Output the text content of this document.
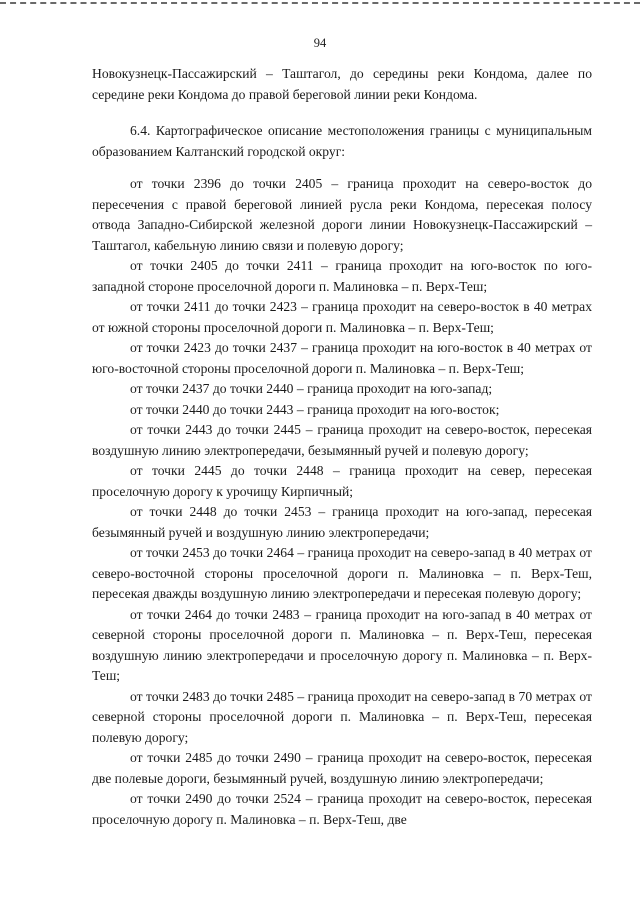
94

Новокузнецк-Пассажирский – Таштагол, до середины реки Кондома, далее по середине реки Кондома до правой береговой линии реки Кондома.

6.4. Картографическое описание местоположения границы с муниципальным образованием Калтанский городской округ:

от точки 2396 до точки 2405 – граница проходит на северо-восток до пересечения с правой береговой линией русла реки Кондома, пересекая полосу отвода Западно-Сибирской железной дороги линии Новокузнецк-Пассажирский – Таштагол, кабельную линию связи и полевую дорогу;

от точки 2405 до точки 2411 – граница проходит на юго-восток по юго-западной стороне проселочной дороги п. Малиновка – п. Верх-Теш;

от точки 2411 до точки 2423 – граница проходит на северо-восток в 40 метрах от южной стороны проселочной дороги п. Малиновка – п. Верх-Теш;

от точки 2423 до точки 2437 – граница проходит на юго-восток в 40 метрах от юго-восточной стороны проселочной дороги п. Малиновка – п. Верх-Теш;

от точки 2437 до точки 2440 – граница проходит на юго-запад;

от точки 2440 до точки 2443 – граница проходит на юго-восток;

от точки 2443 до точки 2445 – граница проходит на северо-восток, пересекая воздушную линию электропередачи, безымянный ручей и полевую дорогу;

от точки 2445 до точки 2448 – граница проходит на север, пересекая проселочную дорогу к урочищу Кирпичный;

от точки 2448 до точки 2453 – граница проходит на юго-запад, пересекая безымянный ручей и воздушную линию электропередачи;

от точки 2453 до точки 2464 – граница проходит на северо-запад в 40 метрах от северо-восточной стороны проселочной дороги п. Малиновка – п. Верх-Теш, пересекая дважды воздушную линию электропередачи и пересекая полевую дорогу;

от точки 2464 до точки 2483 – граница проходит на юго-запад в 40 метрах от северной стороны проселочной дороги п. Малиновка – п. Верх-Теш, пересекая воздушную линию электропередачи и проселочную дорогу п. Малиновка – п. Верх-Теш;

от точки 2483 до точки 2485 – граница проходит на северо-запад в 70 метрах от северной стороны проселочной дороги п. Малиновка – п. Верх-Теш, пересекая полевую дорогу;

от точки 2485 до точки 2490 – граница проходит на северо-восток, пересекая две полевые дороги, безымянный ручей, воздушную линию электропередачи;

от точки 2490 до точки 2524 – граница проходит на северо-восток, пересекая проселочную дорогу п. Малиновка – п. Верх-Теш, две
